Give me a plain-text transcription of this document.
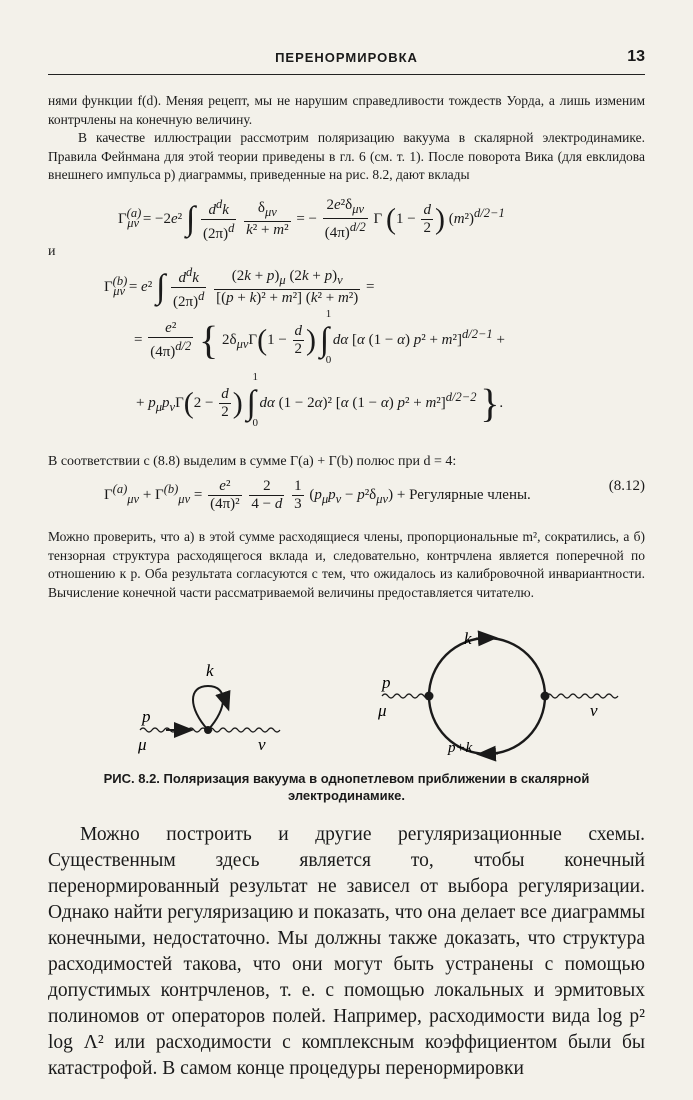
ПЕРЕНОРМИРОВКА	13

нями функции f(d). Меняя рецепт, мы не нарушим справедливости тождеств Уорда, а лишь изменим контрчлены на конечную величину.

В качестве иллюстрации рассмотрим поляризацию вакуума в скалярной электродинамике. Правила Фейнмана для этой теории приведены в гл. 6 (см. т. 1). После поворота Вика (для евклидова внешнего импульса p) диаграммы, приведенные на рис. 8.2, дают вклады

$\Gamma^{(a)}_{\mu\nu} = -2e^2$ ∫ $\frac{d^dk}{(2\pi)^d}$
$\frac{\delta_{\mu\nu}}{\text{k² + m²}}$ = − $\frac{2e^2\delta_{\mu\nu}}{(4\pi)^{d/2}}$ Γ ($1 - \frac{d}{2}$ ) $(m^2)^{d/2-1}$
и
$\Gamma^{(b)}_{\mu\nu} = e^2$ ∫ $\frac{d^dk}{(2\pi)^d}$
$\frac{(2k + p)_\mu (2k + p)_\nu}{\text{[(p + k)² + m²] (k² + m²)}}$ =
= $\frac{\text{e²}}{(4\pi)^{d/2}}$ { $2\delta_{\mu\nu}\Gamma(1 - \frac{d}{2}$ ) ∫
1
0
dα [α (1 − α) p² + m²]$^{d/2-1}$ +
+ $p_\mu p_\nu\Gamma(2 - \frac{d}{2}$ ) ∫
1
0
dα (1 − 2α)² [α (1 − α) p² + m²]$^{d/2-2}$ }.

В соответствии с (8.8) выделим в сумме Γ(a) + Γ(b) полюс при d = 4:

$\Gamma^{(a)}_{\mu\nu} + \Gamma^{(b)}_{\mu\nu} = \frac{\text{e²}}{\text{(4π)²}}$
$\frac{2}{4 - d}$
$\frac{1}{3} (p_\mu p_\nu - p^2\delta_{\mu\nu})$ + Регулярные члены.
(8.12)

Можно проверить, что а) в этой сумме расходящиеся члены, пропорциональные m², сократились, а б) тензорная структура расходящегося вклада и, следовательно, контрчлена является поперечной по отношению к p. Оба результата согласуются с тем, что ожидалось из калибровочной инвариантности. Вычисление конечной части рассматриваемой величины предоставляется читателю.

k
p
μ	ν
k
p
μ	ν
p+k
РИС. 8.2. Поляризация вакуума в однопетлевом приближении в скалярной электродинамике.

Можно построить и другие регуляризационные схемы. Существенным здесь является то, чтобы конечный перенормированный результат не зависел от выбора регуляризации. Однако найти регуляризацию и показать, что она делает все диаграммы конечными, недостаточно. Мы должны также доказать, что структура расходимостей такова, что они могут быть устранены с помощью допустимых контрчленов, т. е. с помощью локальных и эрмитовых полиномов от операторов полей. Например, расходимости вида log p² log Λ² или расходимости с комплексным коэффициентом были бы катастрофой. В самом конце процедуры перенормировки
